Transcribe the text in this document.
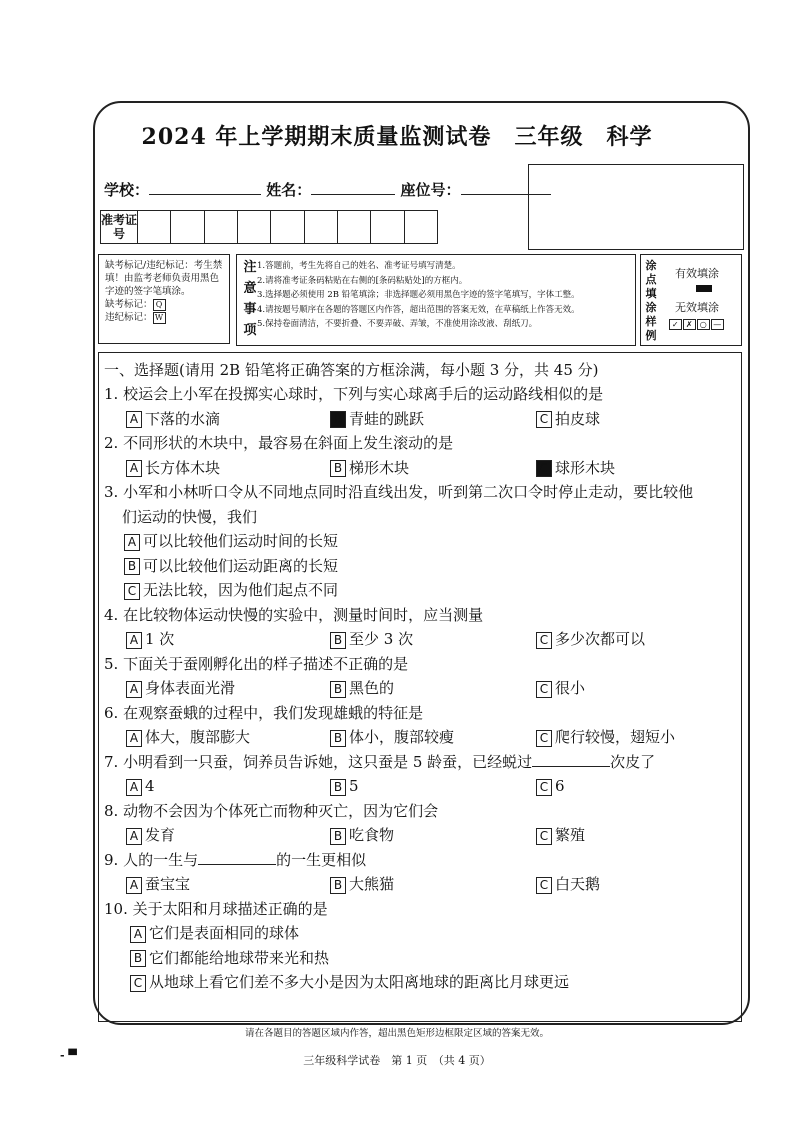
2024 年上学期期末质量监测试卷　三年级　科学
学校：	姓名：	座位号：
准考证号
缺考标记/违纪标记：考生禁填！由监考老师负责用黑色字迹的签字笔填涂。
缺考标记： Q
违纪标记： W
注意事项
1.答题前，考生先将自己的姓名、准考证号填写清楚。
2.请将准考证条码粘贴在右侧的[条码粘贴处]的方框内。
3.选择题必须使用 2B 铅笔填涂；非选择题必须用黑色字迹的签字笔填写，字体工整。
4.请按题号顺序在各题的答题区内作答，超出范围的答案无效，在草稿纸上作答无效。
5.保持卷面清洁，不要折叠、不要弄破、弄皱，不准使用涂改液、刮纸刀。
涂点填涂样例
有效填涂
无效填涂
✓ ✗ ○ —
一、选择题(请用 2B 铅笔将正确答案的方框涂满，每小题 3 分，共 45 分)
1. 校运会上小军在投掷实心球时，下列与实心球离手后的运动路线相似的是
A 下落的水滴	B 青蛙的跳跃	C 拍皮球
2. 不同形状的木块中，最容易在斜面上发生滚动的是
A 长方体木块	B 梯形木块	C 球形木块
3. 小军和小林听口令从不同地点同时沿直线出发，听到第二次口令时停止走动，要比较他
们运动的快慢，我们
A 可以比较他们运动时间的长短
B 可以比较他们运动距离的长短
C 无法比较，因为他们起点不同
4. 在比较物体运动快慢的实验中，测量时间时，应当测量
A 1 次	B 至少 3 次	C 多少次都可以
5. 下面关于蚕刚孵化出的样子描述不正确的是
A 身体表面光滑	B 黑色的	C 很小
6. 在观察蚕蛾的过程中，我们发现雄蛾的特征是
A 体大，腹部膨大	B 体小，腹部较瘦	C 爬行较慢，翅短小
7. 小明看到一只蚕，饲养员告诉她，这只蚕是 5 龄蚕，已经蜕过	次皮了
A 4	B 5	C 6
8. 动物不会因为个体死亡而物种灭亡，因为它们会
A 发育	B 吃食物	C 繁殖
9. 人的一生与	的一生更相似
A 蚕宝宝	B 大熊猫	C 白天鹅
10. 关于太阳和月球描述正确的是
A 它们是表面相同的球体
B 它们都能给地球带来光和热
C 从地球上看它们差不多大小是因为太阳离地球的距离比月球更远
请在各题目的答题区域内作答，超出黑色矩形边框限定区域的答案无效。
- ▀	三年级科学试卷　第 1 页　（共 4 页）
